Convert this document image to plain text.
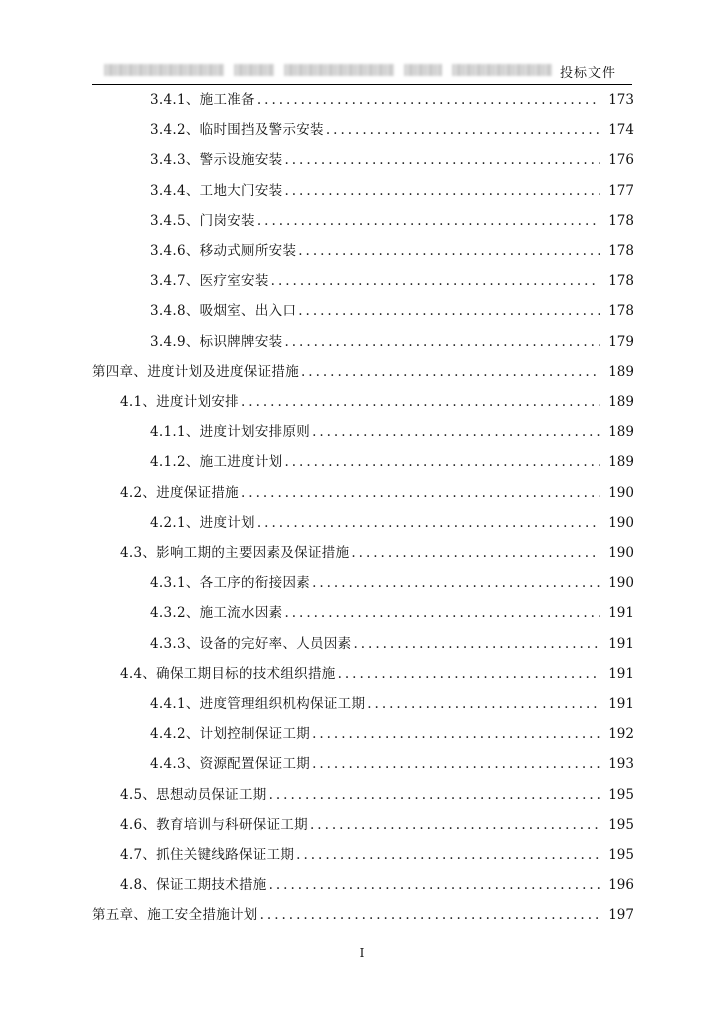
投标文件
3.4.1、施工准备 .....	173
3.4.2、临时围挡及警示安装 .....	174
3.4.3、警示设施安装 .....	176
3.4.4、工地大门安装 .....	177
3.4.5、门岗安装 .....	178
3.4.6、移动式厕所安装 .....	178
3.4.7、医疗室安装 .....	178
3.4.8、吸烟室、出入口 .....	178
3.4.9、标识牌牌安装 .....	179
第四章、进度计划及进度保证措施 .....	189
4.1、进度计划安排 .....	189
4.1.1、进度计划安排原则 .....	189
4.1.2、施工进度计划 .....	189
4.2、进度保证措施 .....	190
4.2.1、进度计划 .....	190
4.3、影响工期的主要因素及保证措施 .....	190
4.3.1、各工序的衔接因素 .....	190
4.3.2、施工流水因素 .....	191
4.3.3、设备的完好率、人员因素 .....	191
4.4、确保工期目标的技术组织措施 .....	191
4.4.1、进度管理组织机构保证工期 .....	191
4.4.2、计划控制保证工期 .....	192
4.4.3、资源配置保证工期 .....	193
4.5、思想动员保证工期 .....	195
4.6、教育培训与科研保证工期 .....	195
4.7、抓住关键线路保证工期 .....	195
4.8、保证工期技术措施 .....	196
第五章、施工安全措施计划 .....	197
I
